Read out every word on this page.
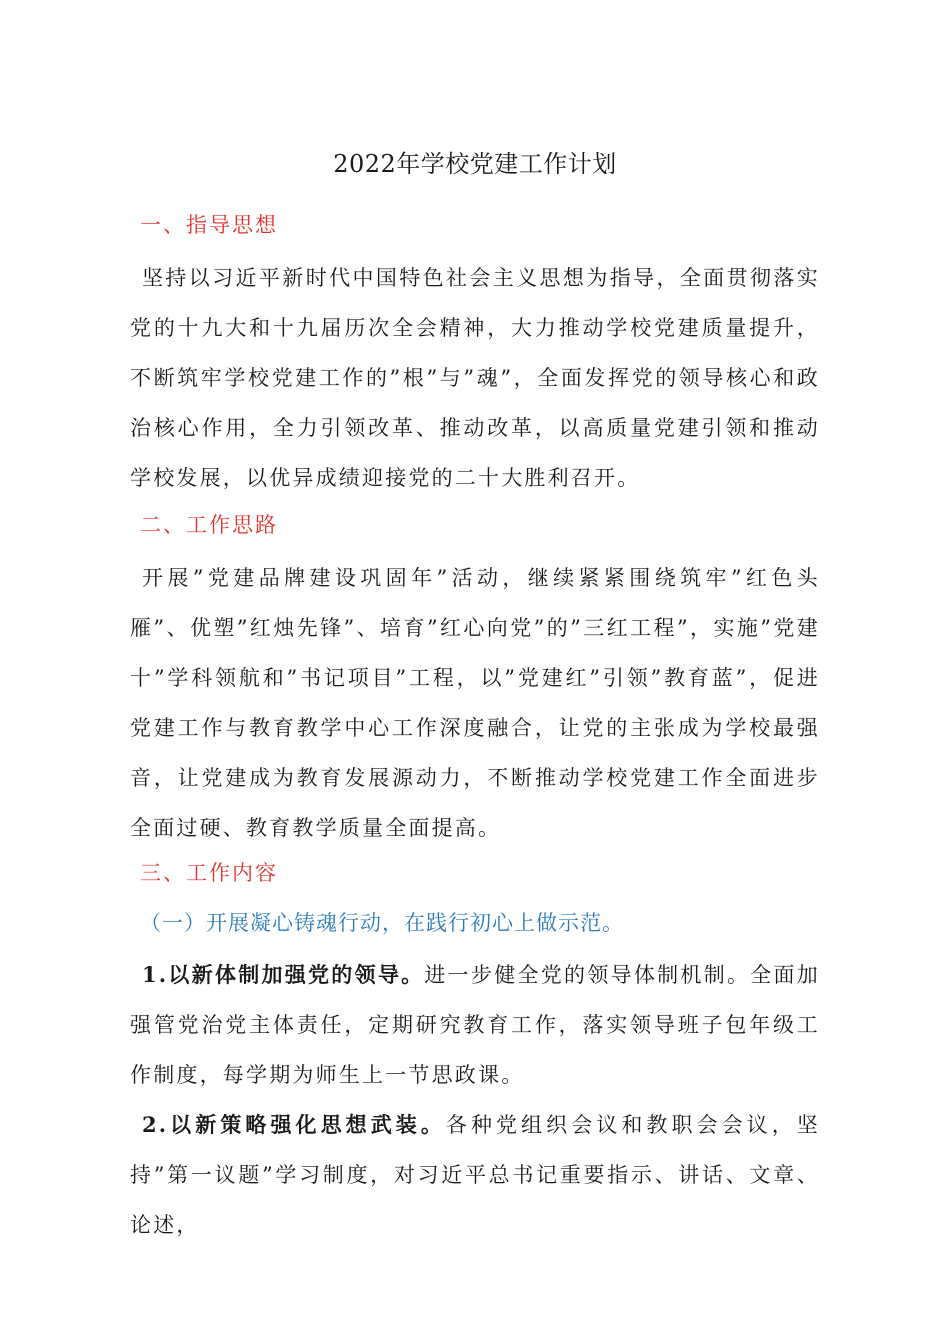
2022年学校党建工作计划
一、指导思想
坚持以习近平新时代中国特色社会主义思想为指导，全面贯彻落实党的十九大和十九届历次全会精神，大力推动学校党建质量提升，不断筑牢学校党建工作的”根”与”魂”，全面发挥党的领导核心和政治核心作用，全力引领改革、推动改革，以高质量党建引领和推动学校发展，以优异成绩迎接党的二十大胜利召开。
二、工作思路
开展”党建品牌建设巩固年”活动，继续紧紧围绕筑牢”红色头雁”、优塑”红烛先锋”、培育”红心向党”的”三红工程”，实施”党建十”学科领航和”书记项目”工程，以”党建红”引领”教育蓝”，促进党建工作与教育教学中心工作深度融合，让党的主张成为学校最强音，让党建成为教育发展源动力，不断推动学校党建工作全面进步全面过硬、教育教学质量全面提高。
三、工作内容
（一）开展凝心铸魂行动，在践行初心上做示范。
1.以新体制加强党的领导。进一步健全党的领导体制机制。全面加强管党治党主体责任，定期研究教育工作，落实领导班子包年级工作制度，每学期为师生上一节思政课。
2.以新策略强化思想武装。各种党组织会议和教职会会议，坚持”第一议题”学习制度，对习近平总书记重要指示、讲话、文章、论述，
